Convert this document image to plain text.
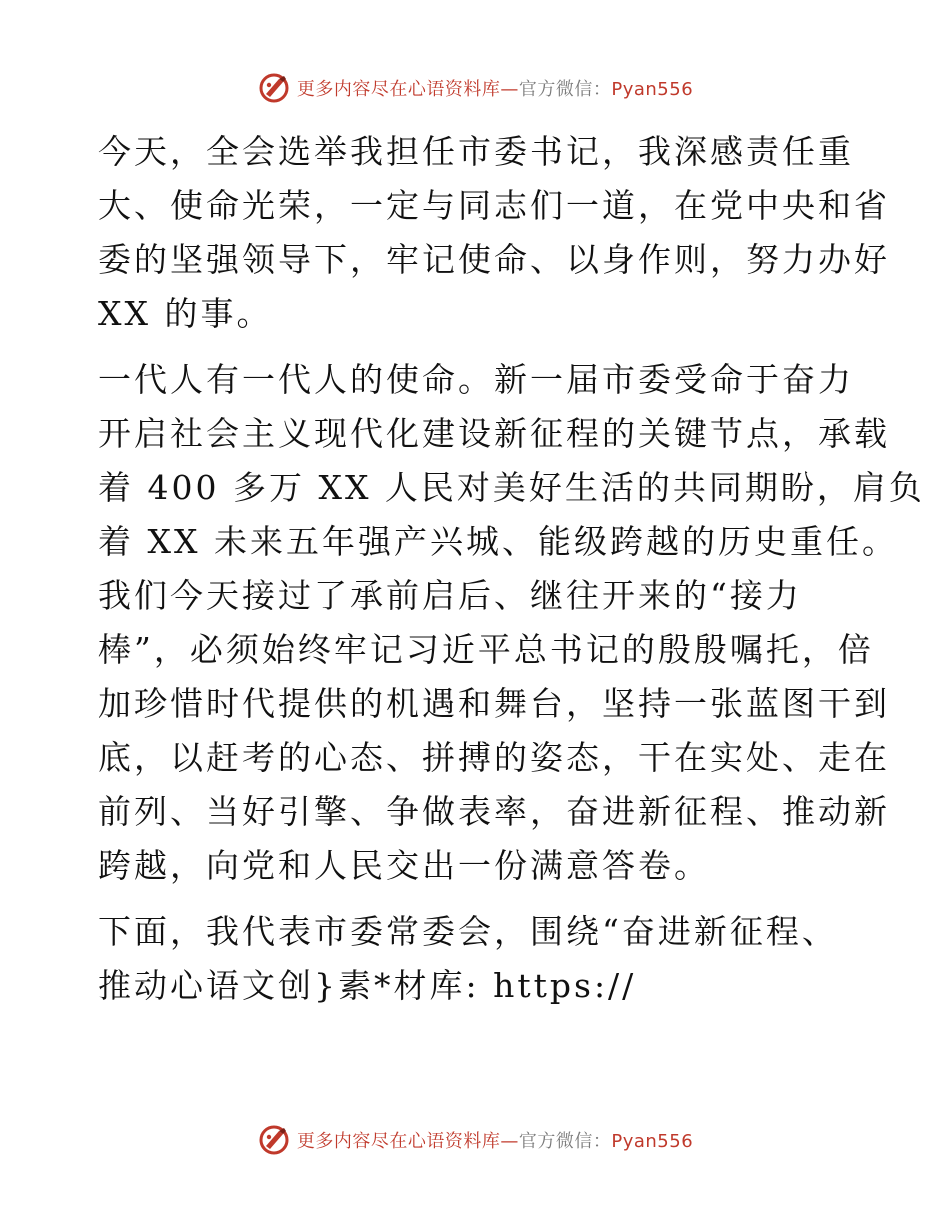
更多内容尽在心语资料库—官方微信：Pyan556

今天，全会选举我担任市委书记，我深感责任重
大、使命光荣，一定与同志们一道，在党中央和省
委的坚强领导下，牢记使命、以身作则，努力办好
XX 的事。

一代人有一代人的使命。新一届市委受命于奋力
开启社会主义现代化建设新征程的关键节点，承载
着 400 多万 XX 人民对美好生活的共同期盼，肩负
着 XX 未来五年强产兴城、能级跨越的历史重任。
我们今天接过了承前启后、继往开来的“接力
棒”，必须始终牢记习近平总书记的殷殷嘱托，倍
加珍惜时代提供的机遇和舞台，坚持一张蓝图干到
底，以赶考的心态、拼搏的姿态，干在实处、走在
前列、当好引擎、争做表率，奋进新征程、推动新
跨越，向党和人民交出一份满意答卷。

下面，我代表市委常委会，围绕“奋进新征程、
推动心语文创}素*材库: https://

更多内容尽在心语资料库—官方微信：Pyan556
